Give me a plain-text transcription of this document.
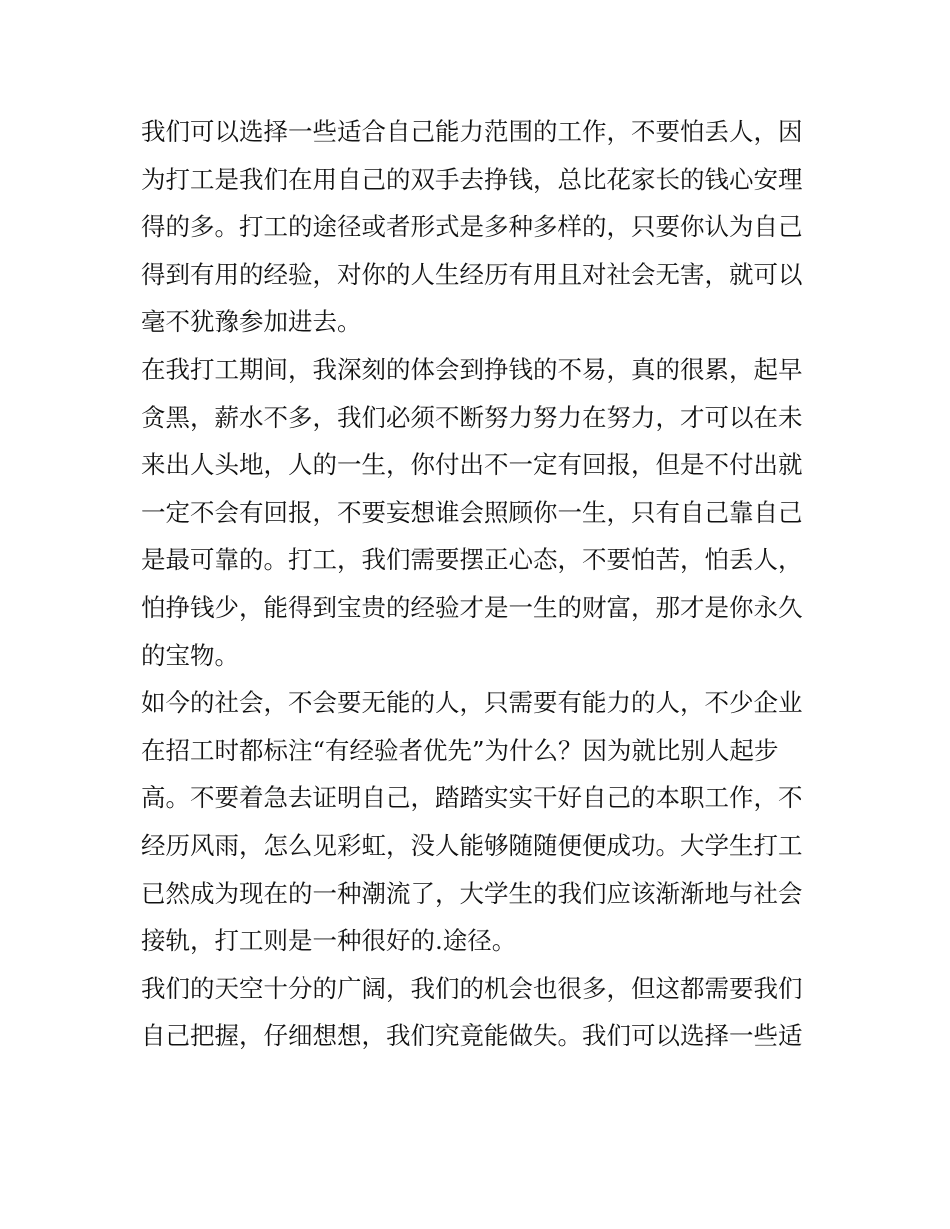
我们可以选择一些适合自己能力范围的工作，不要怕丢人，因
为打工是我们在用自己的双手去挣钱，总比花家长的钱心安理
得的多。打工的途径或者形式是多种多样的，只要你认为自己
得到有用的经验，对你的人生经历有用且对社会无害，就可以
毫不犹豫参加进去。
在我打工期间，我深刻的体会到挣钱的不易，真的很累，起早
贪黑，薪水不多，我们必须不断努力努力在努力，才可以在未
来出人头地，人的一生，你付出不一定有回报，但是不付出就
一定不会有回报，不要妄想谁会照顾你一生，只有自己靠自己
是最可靠的。打工，我们需要摆正心态，不要怕苦，怕丢人，
怕挣钱少，能得到宝贵的经验才是一生的财富，那才是你永久
的宝物。
如今的社会，不会要无能的人，只需要有能力的人，不少企业
在招工时都标注“有经验者优先”为什么？因为就比别人起步
高。不要着急去证明自己，踏踏实实干好自己的本职工作，不
经历风雨，怎么见彩虹，没人能够随随便便成功。大学生打工
已然成为现在的一种潮流了，大学生的我们应该渐渐地与社会
接轨，打工则是一种很好的.途径。
我们的天空十分的广阔，我们的机会也很多，但这都需要我们
自己把握，仔细想想，我们究竟能做失。我们可以选择一些适
